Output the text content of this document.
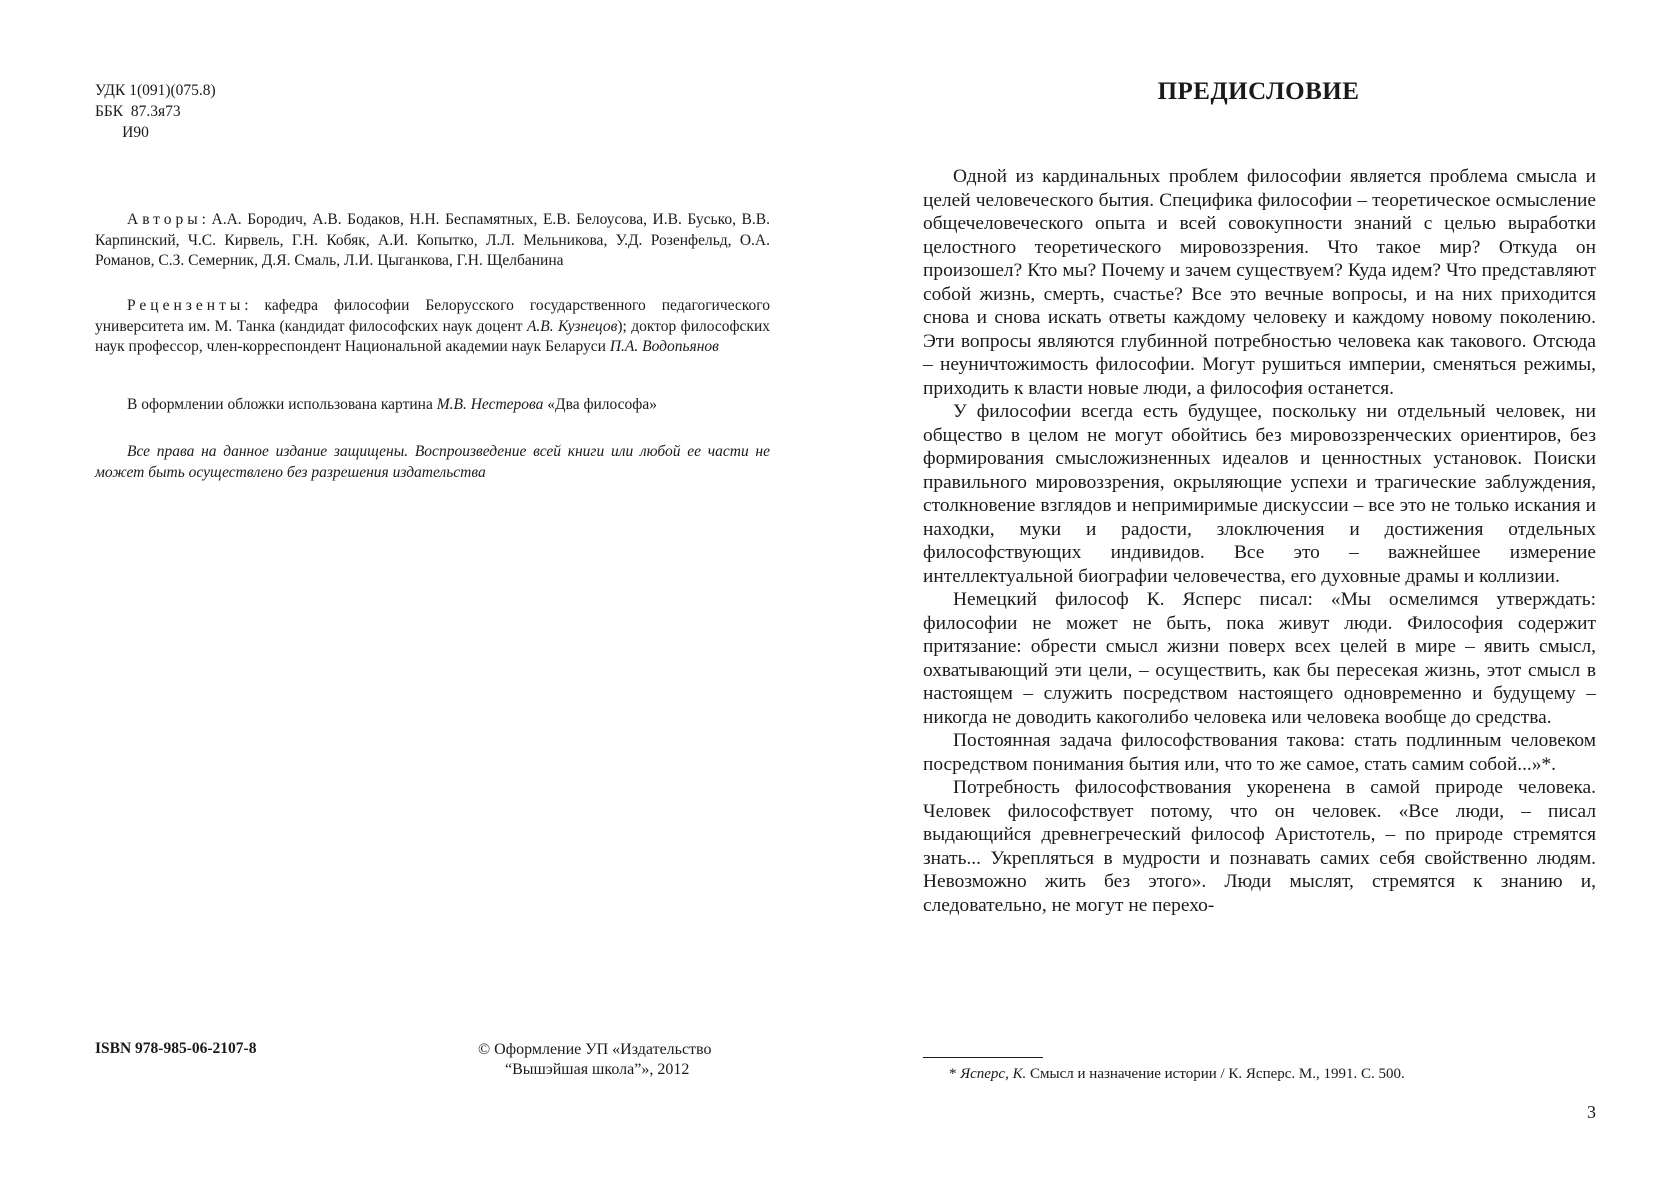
УДК 1(091)(075.8)
ББК  87.3я73
И90
Авторы: А.А. Бородич, А.В. Бодаков, Н.Н. Беспамятных, Е.В. Белоусова, И.В. Бусько, В.В. Карпинский, Ч.С. Кирвель, Г.Н. Кобяк, А.И. Копытко, Л.Л. Мельникова, У.Д. Розенфельд, О.А. Романов, С.З. Семерник, Д.Я. Смаль, Л.И. Цыганкова, Г.Н. Щелбанина
Рецензенты: кафедра философии Белорусского государственного педагогического университета им. М. Танка (кандидат философских наук доцент А.В. Кузнецов); доктор философских наук профессор, член-корреспондент Национальной академии наук Беларуси П.А. Водопьянов
В оформлении обложки использована картина М.В. Нестерова «Два философа»
Все права на данное издание защищены. Воспроизведение всей книги или любой ее части не может быть осуществлено без разрешения издательства
ISBN 978-985-06-2107-8	© Оформление УП «Издательство
“Вышэйшая школа”», 2012
ПРЕДИСЛОВИЕ

Одной из кардинальных проблем философии является проблема смысла и целей человеческого бытия. Специфика философии – теоретическое осмысление общечеловеческого опыта и всей совокупности знаний с целью выработки целостного теоретического мировоззрения. Что такое мир? Откуда он произошел? Кто мы? Почему и зачем существуем? Куда идем? Что представляют собой жизнь, смерть, счастье? Все это вечные вопросы, и на них приходится снова и снова искать ответы каждому человеку и каждому новому поколению. Эти вопросы являются глубинной потребностью человека как такового. Отсюда – неуничтожимость философии. Могут рушиться империи, сменяться режимы, приходить к власти новые люди, а философия останется.

У философии всегда есть будущее, поскольку ни отдельный человек, ни общество в целом не могут обойтись без мировоззренческих ориентиров, без формирования смысложизненных идеалов и ценностных установок. Поиски правильного мировоззрения, окрыляющие успехи и трагические заблуждения, столкновение взглядов и непримиримые дискуссии – все это не только искания и находки, муки и радости, злоключения и достижения отдельных философствующих индивидов. Все это – важнейшее измерение интеллектуальной биографии человечества, его духовные драмы и коллизии.

Немецкий философ К. Ясперс писал: «Мы осмелимся утверждать: философии не может не быть, пока живут люди. Философия содержит притязание: обрести смысл жизни поверх всех целей в мире – явить смысл, охватывающий эти цели, – осуществить, как бы пересекая жизнь, этот смысл в настоящем – служить посредством настоящего одновременно и будущему – никогда не доводить какоголибо человека или человека вообще до средства.

Постоянная задача философствования такова: стать подлинным человеком посредством понимания бытия или, что то же самое, стать самим собой...»*.

Потребность философствования укоренена в самой природе человека. Человек философствует потому, что он человек. «Все люди, – писал выдающийся древнегреческий философ Аристотель, – по природе стремятся знать... Укрепляться в мудрости и познавать самих себя свойственно людям. Невозможно жить без этого». Люди мыслят, стремятся к знанию и, следовательно, не могут не перехо-

* Ясперс, К. Смысл и назначение истории / К. Ясперс. М., 1991. С. 500.
3
